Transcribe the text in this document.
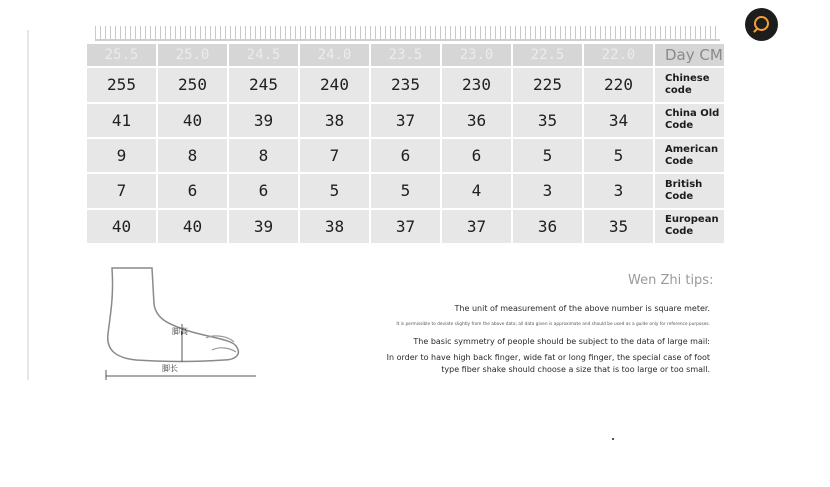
Day CM	22.0	22.5	23.0	23.5	24.0	24.5	25.0	25.5
Chinese code	220	225	230	235	240	245	250	255
China Old Code	34	35	36	37	38	39	40	41
American Code	5	5	6	6	7	8	8	9
British Code	3	3	4	5	5	6	6	7
European Code	35	36	37	37	38	39	40	40
脚高
脚长
Wen Zhi tips:
The unit of measurement of the above number is square meter.
It is permissible to deviate slightly from the above data; all data given is approximate and should be used as a guide only for reference purposes.
The basic symmetry of people should be subject to the data of large mail:
In order to have high back finger, wide fat or long finger, the special case of foot
type fiber shake should choose a size that is too large or too small.
